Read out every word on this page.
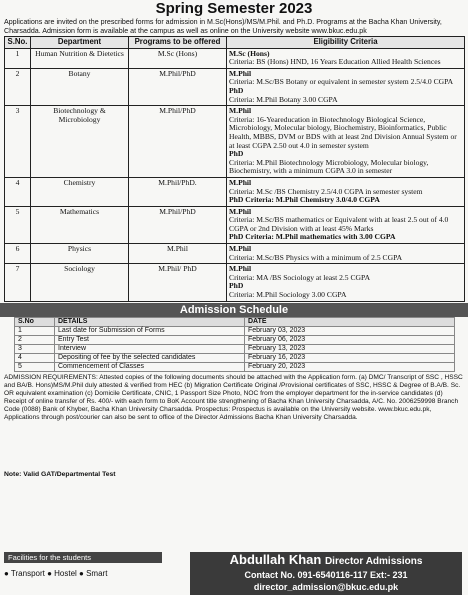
Spring Semester 2023
Applications are invited on the prescribed forms for admission in M.Sc(Hons)/MS/M.Phil. and Ph.D. Programs at the Bacha Khan University, Charsadda. Admission form is available at the campus as well as online on the University website www.bkuc.edu.pk
S.No.	Department	Programs to be offered	Eligibility Criteria
1	Human Nutrition & Dietetics	M.Sc (Hons)	M.Sc (Hons)
Criteria: BS (Hons) HND, 16 Years Education Allied Health Sciences

2	Botany	M.Phil/PhD	M.Phil
Criteria: M.Sc/BS Botany or equivalent in semester system 2.5/4.0 CGPA
PhD
Criteria: M.Phil Botany 3.00 CGPA

3	Biotechnology & Microbiology	M.Phil/PhD	M.Phil
Criteria: 16-Yeareducation in Biotechnology Biological Science, Microbiology, Molecular biology, Biochemistry, Bioinformatics, Public Health, MBBS, DVM or BDS with at least 2nd Division Annual System or at least CGPA 2.50 out 4.0 in semester system
PhD
Criteria: M.Phil Biotechnology Microbiology, Molecular biology, Biochemistry, with a minimum CGPA 3.0 in semester

4	Chemistry	M.Phil/PhD.	M.Phil
Criteria: M.Sc /BS Chemistry 2.5/4.0 CGPA in semester system
PhD Criteria: M.Phil Chemistry 3.0/4.0 CGPA

5	Mathematics	M.Phil/PhD	M.Phil
Criteria: M.Sc/BS mathematics or Equivalent with at least 2.5 out of 4.0 CGPA or 2nd Division with at least 45% Marks
PhD Criteria: M.Phil mathematics with 3.00 CGPA

6	Physics	M.Phil	M.Phil
Criteria: M.Sc/BS Physics with a minimum of 2.5 CGPA

7	Sociology	M.Phil/ PhD	M.Phil
Criteria: MA /BS Sociology at least 2.5 CGPA
PhD
Criteria: M.Phil Sociology 3.00 CGPA
Admission Schedule
S.No	DETAILS	DATE
1	Last date for Submission of Forms	February 03, 2023
2	Entry Test	February 06, 2023
3	Interview	February 13, 2023
4	Depositing of fee by the selected candidates	February 16, 2023
5	Commencement of Classes	February 20, 2023
ADMISSION REQUIREMENTS: Attested copies of the following documents should be attached with the Application form. (a) DMC/ Transcript of SSC , HSSC and BA/B. Hons)MS/M.Phil duly attested & verified from HEC (b) Migration Certificate Original /Provisional certificates of SSC, HSSC & Degree of B.A/B. Sc. OR equivalent examination (c) Domicile Certificate, CNIC, 1 Passport Size Photo, NOC from the employer department for the in-service candidates (d) Receipt of online transfer of Rs. 400/- with each form to BoK Account title strengthening of Bacha Khan University Charsadda, A/C. No. 2006259998 Branch Code (0088) Bank of Khyber, Bacha Khan University Charsadda. Prospectus: Prospectus is available on the University website. www.bkuc.edu.pk, Applications through post/courier can also be sent to office of the Director Admissions Bacha Khan University Charsadda.
Note: Valid GAT/Departmental Test
Facilities for the students
● Transport ● Hostel ● Smart
Abdullah Khan Director Admissions
Contact No. 091-6540116-117 Ext:- 231
director_admission@bkuc.edu.pk
